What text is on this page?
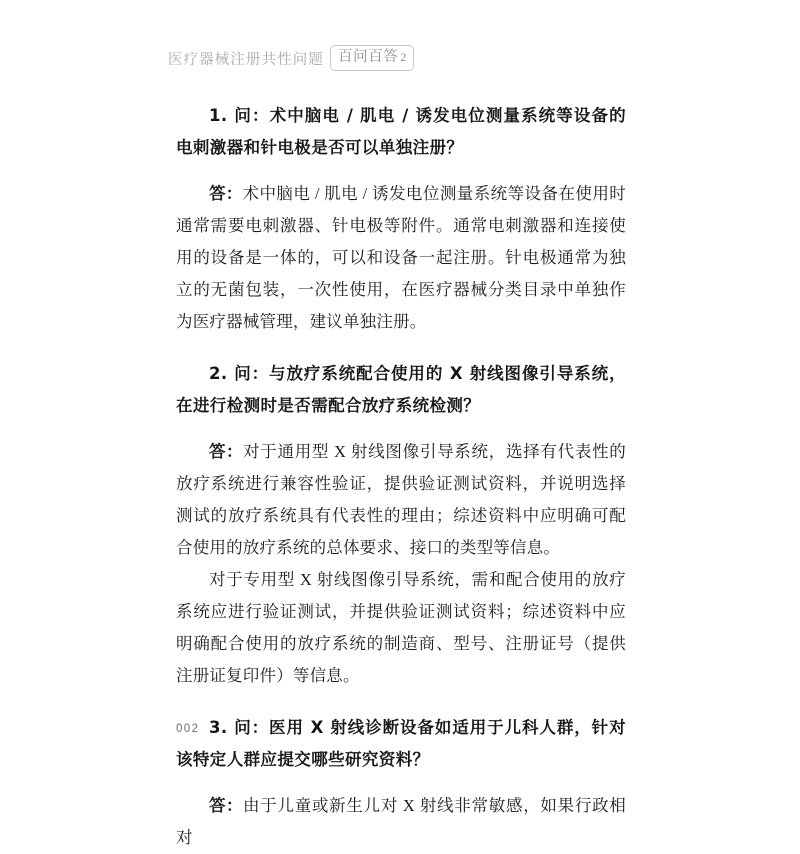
医疗器械注册共性问题 百问百答 2

1. 问：术中脑电 / 肌电 / 诱发电位测量系统等设备的电刺激器和针电极是否可以单独注册？

答：术中脑电 / 肌电 / 诱发电位测量系统等设备在使用时通常需要电刺激器、针电极等附件。通常电刺激器和连接使用的设备是一体的，可以和设备一起注册。针电极通常为独立的无菌包装，一次性使用，在医疗器械分类目录中单独作为医疗器械管理，建议单独注册。

2. 问：与放疗系统配合使用的 X 射线图像引导系统，在进行检测时是否需配合放疗系统检测？

答：对于通用型 X 射线图像引导系统，选择有代表性的放疗系统进行兼容性验证，提供验证测试资料，并说明选择测试的放疗系统具有代表性的理由；综述资料中应明确可配合使用的放疗系统的总体要求、接口的类型等信息。

对于专用型 X 射线图像引导系统，需和配合使用的放疗系统应进行验证测试，并提供验证测试资料；综述资料中应明确配合使用的放疗系统的制造商、型号、注册证号（提供注册证复印件）等信息。

3. 问：医用 X 射线诊断设备如适用于儿科人群，针对该特定人群应提交哪些研究资料？

答：由于儿童或新生儿对 X 射线非常敏感，如果行政相对

002
